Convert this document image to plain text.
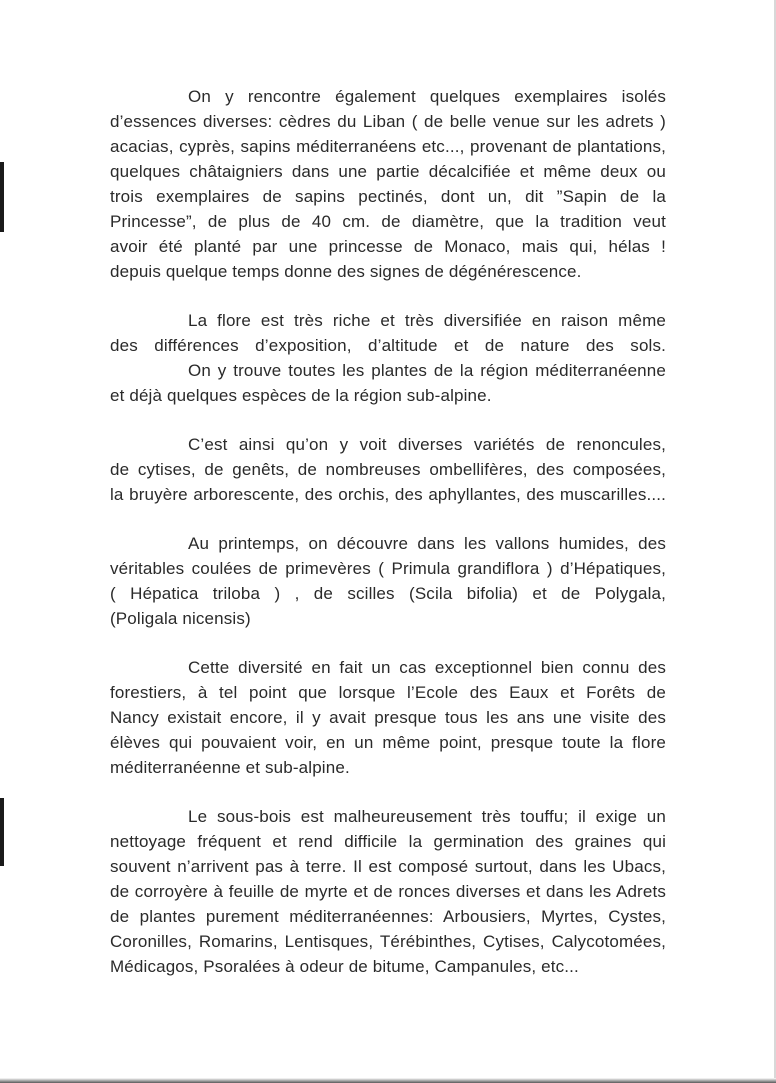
On y rencontre également quelques exemplaires isolés
d’essences diverses: cèdres du Liban ( de belle venue sur les adrets )
acacias, cyprès, sapins méditerranéens etc..., provenant de plantations,
quelques châtaigniers dans une partie décalcifiée et même deux ou
trois exemplaires de sapins pectinés, dont un, dit ”Sapin de la
Princesse”, de plus de 40 cm. de diamètre, que la tradition veut
avoir été planté par une princesse de Monaco, mais qui, hélas !
depuis quelque temps donne des signes de dégénérescence.
La flore est très riche et très diversifiée en raison même
des différences d’exposition, d’altitude et de nature des sols.
On y trouve toutes les plantes de la région méditerranéenne
et déjà quelques espèces de la région sub-alpine.
C’est ainsi qu’on y voit diverses variétés de renoncules,
de cytises, de genêts, de nombreuses ombellifères, des composées,
la bruyère arborescente, des orchis, des aphyllantes, des muscarilles....
Au printemps, on découvre dans les vallons humides, des
véritables coulées de primevères ( Primula grandiflora ) d’Hépatiques,
( Hépatica triloba ) , de scilles (Scila bifolia) et de Polygala,
(Poligala nicensis)
Cette diversité en fait un cas exceptionnel bien connu des
forestiers, à tel point que lorsque l’Ecole des Eaux et Forêts de
Nancy existait encore, il y avait presque tous les ans une visite des
élèves qui pouvaient voir, en un même point, presque toute la flore
méditerranéenne et sub-alpine.
Le sous-bois est malheureusement très touffu; il exige un
nettoyage fréquent et rend difficile la germination des graines qui
souvent n’arrivent pas à terre. Il est composé surtout, dans les Ubacs,
de corroyère à feuille de myrte et de ronces diverses et dans les Adrets
de plantes purement méditerranéennes: Arbousiers, Myrtes, Cystes,
Coronilles, Romarins, Lentisques, Térébinthes, Cytises, Calycotomées,
Médicagos, Psoralées à odeur de bitume, Campanules, etc...
